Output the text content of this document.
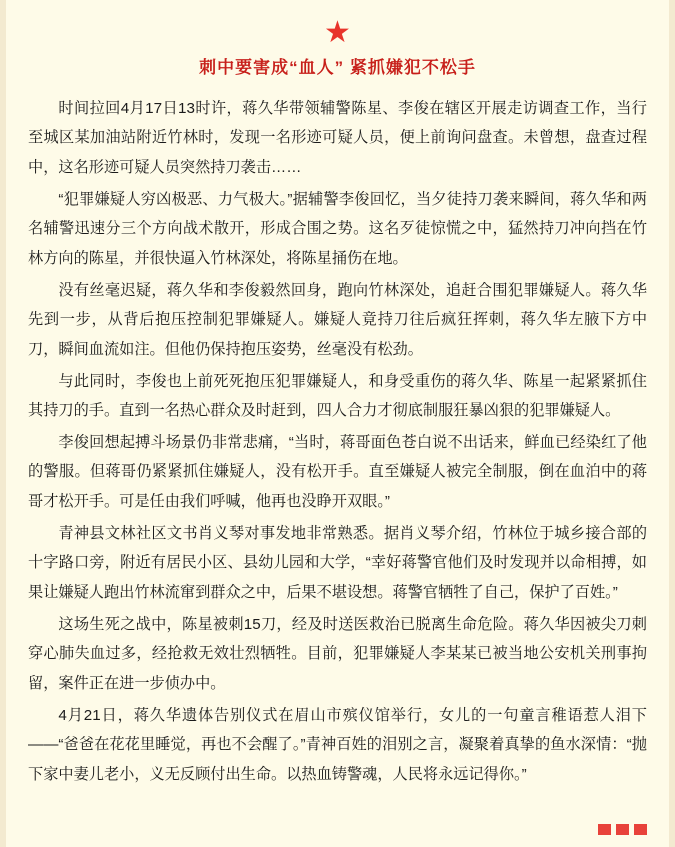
★
刺中要害成“血人” 紧抓嫌犯不松手

时间拉回4月17日13时许，蒋久华带领辅警陈星、李俊在辖区开展走访调查工作，当行至城区某加油站附近竹林时，发现一名形迹可疑人员，便上前询问盘查。未曾想，盘查过程中，这名形迹可疑人员突然持刀袭击……

“犯罪嫌疑人穷凶极恶、力气极大。”据辅警李俊回忆，当夕徒持刀袭来瞬间，蒋久华和两名辅警迅速分三个方向战术散开，形成合围之势。这名歹徒惊慌之中，猛然持刀冲向挡在竹林方向的陈星，并很快逼入竹林深处，将陈星捅伤在地。

没有丝毫迟疑，蒋久华和李俊毅然回身，跑向竹林深处，追赶合围犯罪嫌疑人。蒋久华先到一步，从背后抱压控制犯罪嫌疑人。嫌疑人竟持刀往后疯狂挥刺，蒋久华左腋下方中刀，瞬间血流如注。但他仍保持抱压姿势，丝毫没有松劲。

与此同时，李俊也上前死死抱压犯罪嫌疑人，和身受重伤的蒋久华、陈星一起紧紧抓住其持刀的手。直到一名热心群众及时赶到，四人合力才彻底制服狂暴凶狠的犯罪嫌疑人。

李俊回想起搏斗场景仍非常悲痛，“当时，蒋哥面色苍白说不出话来，鲜血已经染红了他的警服。但蒋哥仍紧紧抓住嫌疑人，没有松开手。直至嫌疑人被完全制服，倒在血泊中的蒋哥才松开手。可是任由我们呼喊，他再也没睁开双眼。”

青神县文林社区文书肖义琴对事发地非常熟悉。据肖义琴介绍，竹林位于城乡接合部的十字路口旁，附近有居民小区、县幼儿园和大学，“幸好蒋警官他们及时发现并以命相搏，如果让嫌疑人跑出竹林流窜到群众之中，后果不堪设想。蒋警官牺牲了自己，保护了百姓。”

这场生死之战中，陈星被刺15刀，经及时送医救治已脱离生命危险。蒋久华因被尖刀刺穿心肺失血过多，经抢救无效壮烈牺牲。目前，犯罪嫌疑人李某某已被当地公安机关刑事拘留，案件正在进一步侦办中。

4月21日，蒋久华遗体告别仪式在眉山市殡仪馆举行，女儿的一句童言稚语惹人泪下——“爸爸在花花里睡觉，再也不会醒了。”青神百姓的泪别之言，凝聚着真挚的鱼水深情：“抛下家中妻儿老小，义无反顾付出生命。以热血铸警魂，人民将永远记得你。”
